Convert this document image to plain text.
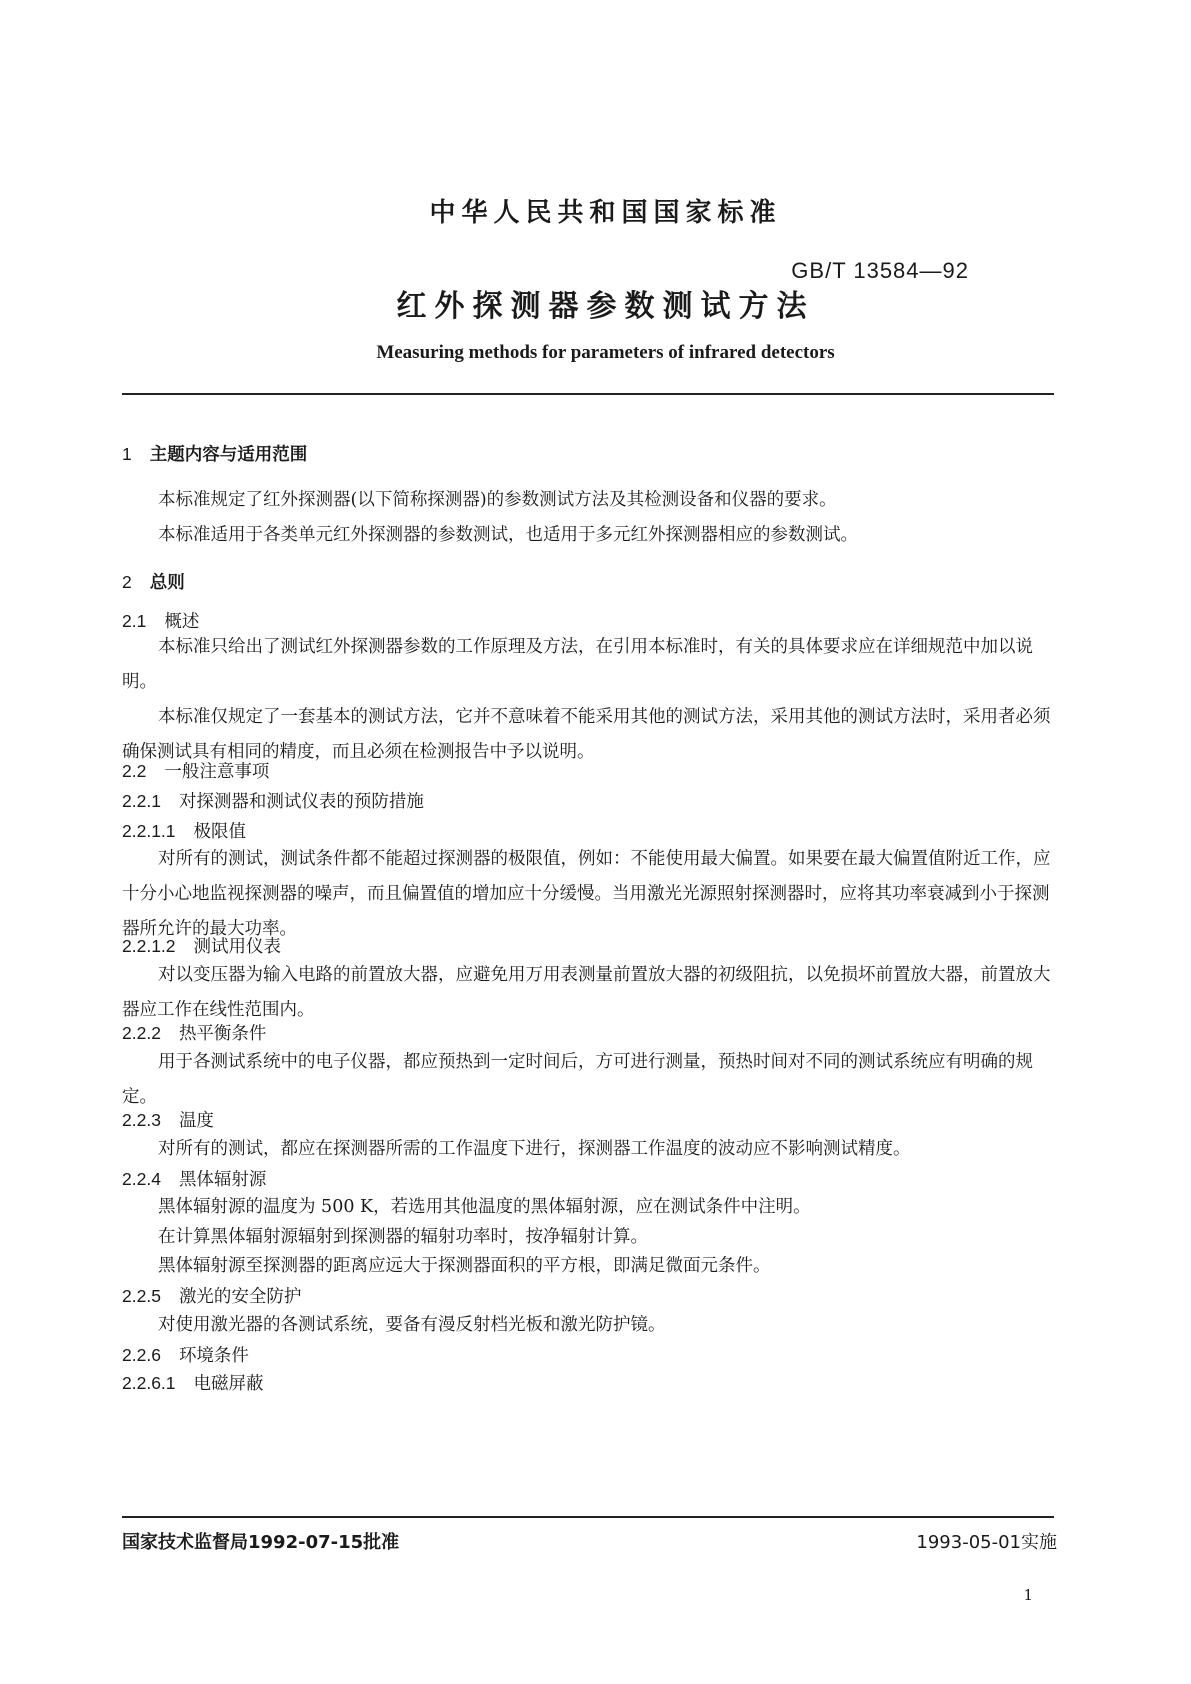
中华人民共和国国家标准
GB/T 13584—92
红外探测器参数测试方法
Measuring methods for parameters of infrared detectors
1 主题内容与适用范围

本标准规定了红外探测器(以下简称探测器)的参数测试方法及其检测设备和仪器的要求。

本标准适用于各类单元红外探测器的参数测试，也适用于多元红外探测器相应的参数测试。

2 总则
2.1 概述

本标准只给出了测试红外探测器参数的工作原理及方法，在引用本标准时，有关的具体要求应在详细规范中加以说明。

本标准仅规定了一套基本的测试方法，它并不意味着不能采用其他的测试方法，采用其他的测试方法时，采用者必须确保测试具有相同的精度，而且必须在检测报告中予以说明。

2.2 一般注意事项
2.2.1 对探测器和测试仪表的预防措施
2.2.1.1 极限值

对所有的测试，测试条件都不能超过探测器的极限值，例如：不能使用最大偏置。如果要在最大偏置值附近工作，应十分小心地监视探测器的噪声，而且偏置值的增加应十分缓慢。当用激光光源照射探测器时，应将其功率衰减到小于探测器所允许的最大功率。

2.2.1.2 测试用仪表

对以变压器为输入电路的前置放大器，应避免用万用表测量前置放大器的初级阻抗，以免损坏前置放大器，前置放大器应工作在线性范围内。

2.2.2 热平衡条件

用于各测试系统中的电子仪器，都应预热到一定时间后，方可进行测量，预热时间对不同的测试系统应有明确的规定。

2.2.3 温度

对所有的测试，都应在探测器所需的工作温度下进行，探测器工作温度的波动应不影响测试精度。

2.2.4 黑体辐射源

黑体辐射源的温度为 500 K，若选用其他温度的黑体辐射源，应在测试条件中注明。

在计算黑体辐射源辐射到探测器的辐射功率时，按净辐射计算。

黑体辐射源至探测器的距离应远大于探测器面积的平方根，即满足微面元条件。

2.2.5 激光的安全防护

对使用激光器的各测试系统，要备有漫反射档光板和激光防护镜。

2.2.6 环境条件
2.2.6.1 电磁屏蔽
国家技术监督局1992-07-15批准	1993-05-01实施
1
